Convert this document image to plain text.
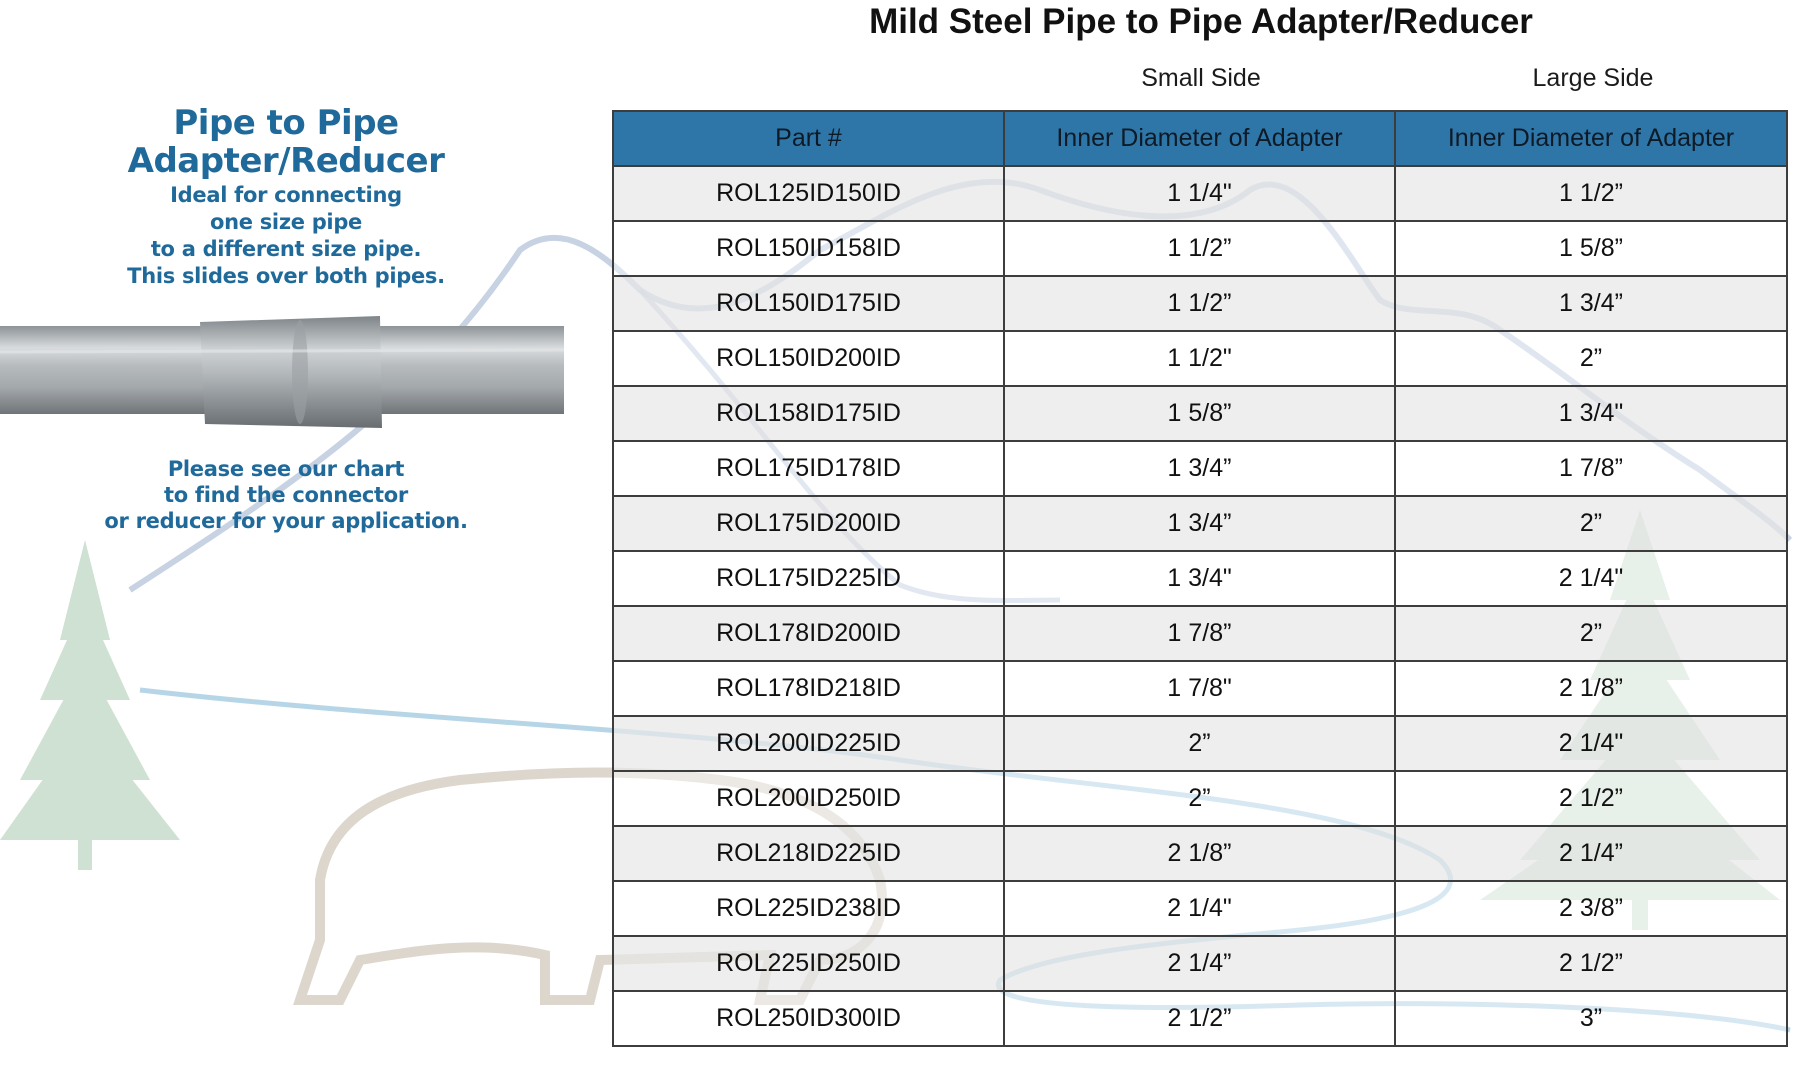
Mild Steel Pipe to Pipe Adapter/Reducer
Small Side	Large Side
Pipe to Pipe
Adapter/Reducer
Ideal for connecting
one size pipe
to a different size pipe.
This slides over both pipes.
Please see our chart
to find the connector
or reducer for your application.
Part #	Inner Diameter of Adapter	Inner Diameter of Adapter
ROL125ID150ID	1 1/4"	1 1/2”
ROL150ID158ID	1 1/2”	1 5/8”
ROL150ID175ID	1 1/2”	1 3/4”
ROL150ID200ID	1 1/2"	2”
ROL158ID175ID	1 5/8”	1 3/4"
ROL175ID178ID	1 3/4”	1 7/8”
ROL175ID200ID	1 3/4”	2”
ROL175ID225ID	1 3/4"	2 1/4"
ROL178ID200ID	1 7/8”	2”
ROL178ID218ID	1 7/8"	2 1/8”
ROL200ID225ID	2”	2 1/4"
ROL200ID250ID	2”	2 1/2”
ROL218ID225ID	2 1/8”	2 1/4”
ROL225ID238ID	2 1/4"	2 3/8”
ROL225ID250ID	2 1/4”	2 1/2”
ROL250ID300ID	2 1/2”	3”
